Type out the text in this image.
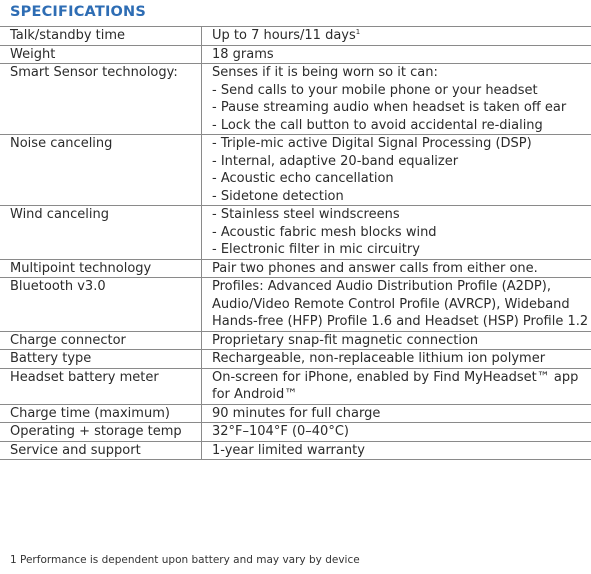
SPECIFICATIONS
Talk/standby time	Up to 7 hours/11 days$^1$

Weight	18 grams

Smart Sensor technology:	Senses if it is being worn so it can:
- Send calls to your mobile phone or your headset
- Pause streaming audio when headset is taken off ear
- Lock the call button to avoid accidental re-dialing

Noise canceling	- Triple-mic active Digital Signal Processing (DSP)
- Internal, adaptive 20-band equalizer
- Acoustic echo cancellation
- Sidetone detection

Wind canceling	- Stainless steel windscreens
- Acoustic fabric mesh blocks wind
- Electronic filter in mic circuitry

Multipoint technology	Pair two phones and answer calls from either one.

Bluetooth v3.0	Profiles: Advanced Audio Distribution Profile (A2DP),
Audio/Video Remote Control Profile (AVRCP), Wideband
Hands-free (HFP) Profile 1.6 and Headset (HSP) Profile 1.2

Charge connector	Proprietary snap-fit magnetic connection

Battery type	Rechargeable, non-replaceable lithium ion polymer

Headset battery meter	On-screen for iPhone, enabled by Find MyHeadset™ app
for Android™

Charge time (maximum)	90 minutes for full charge

Operating + storage temp	32°F–104°F (0–40°C)

Service and support	1-year limited warranty
1 Performance is dependent upon battery and may vary by device
